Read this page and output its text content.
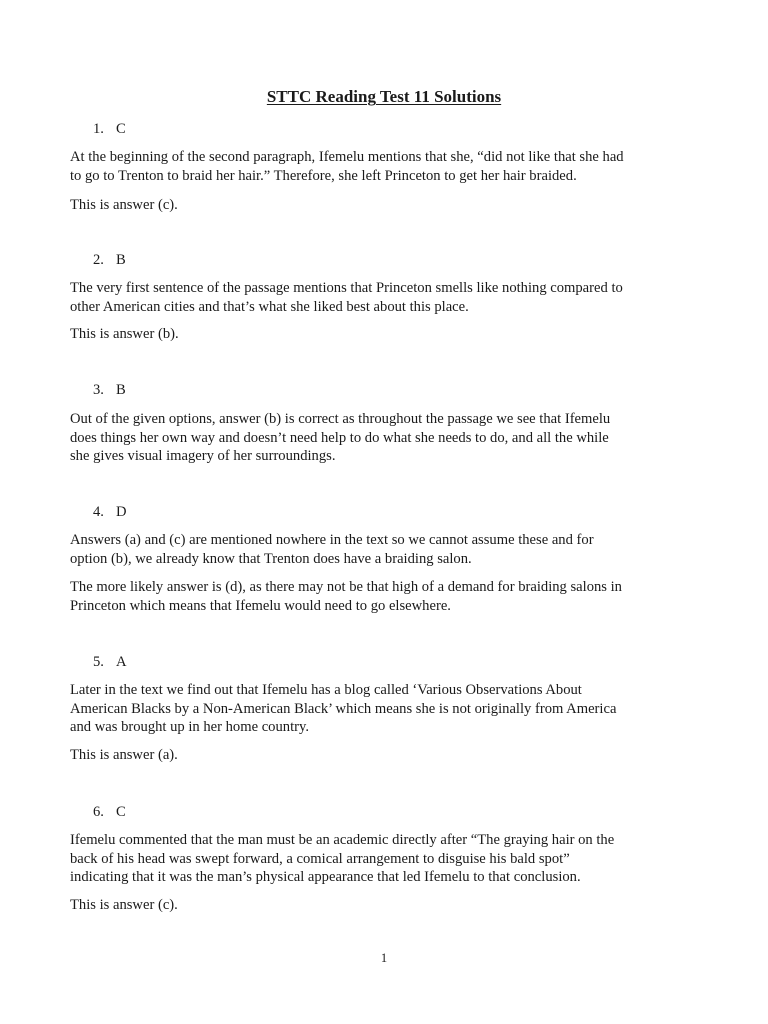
STTC Reading Test 11 Solutions
1. C

At the beginning of the second paragraph, Ifemelu mentions that she, “did not like that she had
to go to Trenton to braid her hair.” Therefore, she left Princeton to get her hair braided.

This is answer (c).

2. B

The very first sentence of the passage mentions that Princeton smells like nothing compared to
other American cities and that’s what she liked best about this place.

This is answer (b).

3. B

Out of the given options, answer (b) is correct as throughout the passage we see that Ifemelu
does things her own way and doesn’t need help to do what she needs to do, and all the while
she gives visual imagery of her surroundings.

4. D

Answers (a) and (c) are mentioned nowhere in the text so we cannot assume these and for
option (b), we already know that Trenton does have a braiding salon.

The more likely answer is (d), as there may not be that high of a demand for braiding salons in
Princeton which means that Ifemelu would need to go elsewhere.

5. A

Later in the text we find out that Ifemelu has a blog called ‘Various Observations About
American Blacks by a Non-American Black’ which means she is not originally from America
and was brought up in her home country.

This is answer (a).

6. C

Ifemelu commented that the man must be an academic directly after “The graying hair on the
back of his head was swept forward, a comical arrangement to disguise his bald spot”
indicating that it was the man’s physical appearance that led Ifemelu to that conclusion.

This is answer (c).

1
